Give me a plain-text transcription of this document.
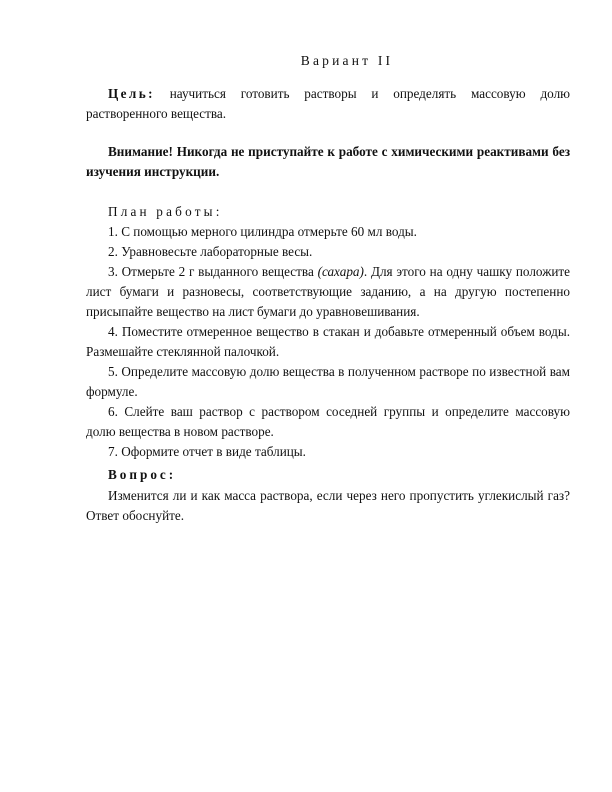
Вариант II

Цель: научиться готовить растворы и определять массовую долю растворенного вещества.

Внимание! Никогда не приступайте к работе с химическими реактивами без изучения инструкции.

План работы:
1. С помощью мерного цилиндра отмерьте 60 мл воды.
2. Уравновесьте лабораторные весы.
3. Отмерьте 2 г выданного вещества (сахара). Для этого на одну чашку положите лист бумаги и разновесы, соответствующие заданию, а на другую постепенно присыпайте вещество на лист бумаги до уравновешивания.
4. Поместите отмеренное вещество в стакан и добавьте отмеренный объем воды. Размешайте стеклянной палочкой.
5. Определите массовую долю вещества в полученном растворе по известной вам формуле.
6. Слейте ваш раствор с раствором соседней группы и определите массовую долю вещества в новом растворе.
7. Оформите отчет в виде таблицы.
Вопрос:

Изменится ли и как масса раствора, если через него пропустить углекислый газ? Ответ обоснуйте.
